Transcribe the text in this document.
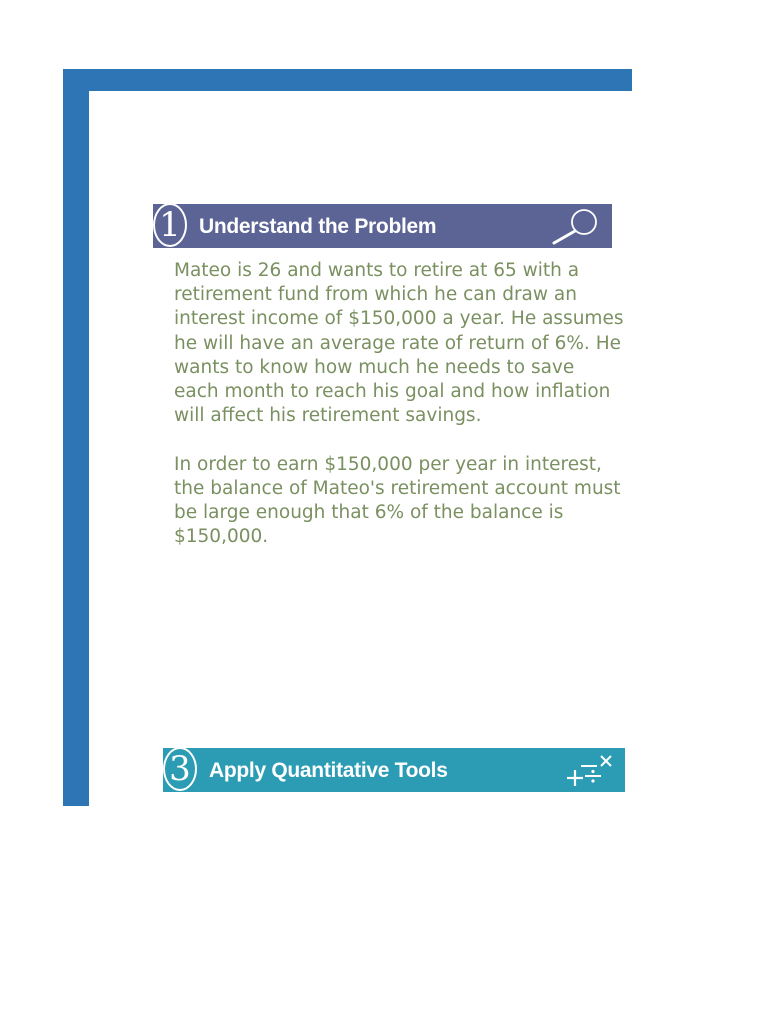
1 Understand the Problem

Mateo is 26 and wants to retire at 65 with a retirement fund from which he can draw an interest income of $150,000 a year. He assumes he will have an average rate of return of 6%. He wants to know how much he needs to save each month to reach his goal and how inflation will affect his retirement savings.

In order to earn $150,000 per year in interest, the balance of Mateo's retirement account must be large enough that 6% of the balance is $150,000.

3 Apply Quantitative Tools
